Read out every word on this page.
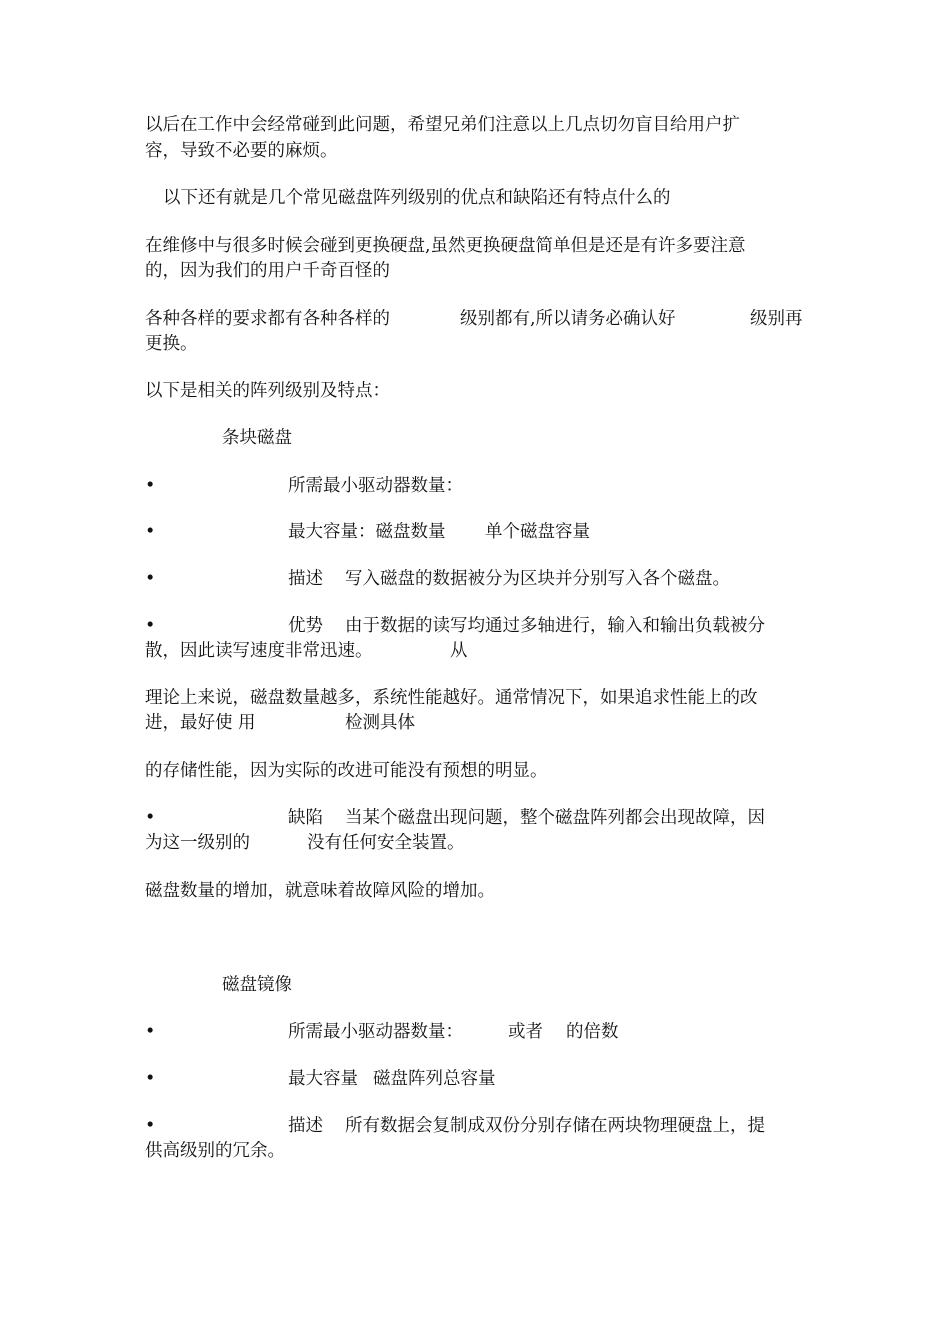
以后在工作中会经常碰到此问题，希望兄弟们注意以上几点切勿盲目给用户扩
容，导致不必要的麻烦。
以下还有就是几个常见磁盘阵列级别的优点和缺陷还有特点什么的
在维修中与很多时候会碰到更换硬盘,虽然更换硬盘简单但是还是有许多要注意
的，因为我们的用户千奇百怪的
各种各样的要求都有各种各样的	级别都有,所以请务必确认好	级别再
更换。
以下是相关的阵列级别及特点：
条块磁盘
•	所需最小驱动器数量：
•	最大容量：磁盘数量 单个磁盘容量
•	描述 写入磁盘的数据被分为区块并分别写入各个磁盘。
•	优势 由于数据的读写均通过多轴进行，输入和输出负载被分
散，因此读写速度非常迅速。	从
理论上来说，磁盘数量越多，系统性能越好。通常情况下，如果追求性能上的改
进，最好使 用	检测具体
的存储性能，因为实际的改进可能没有预想的明显。
•	缺陷 当某个磁盘出现问题，整个磁盘阵列都会出现故障，因
为这一级别的	没有任何安全装置。
磁盘数量的增加，就意味着故障风险的增加。
磁盘镜像
•	所需最小驱动器数量：	或者 的倍数
•	最大容量 磁盘阵列总容量
•	描述 所有数据会复制成双份分别存储在两块物理硬盘上，提
供高级别的冗余。
